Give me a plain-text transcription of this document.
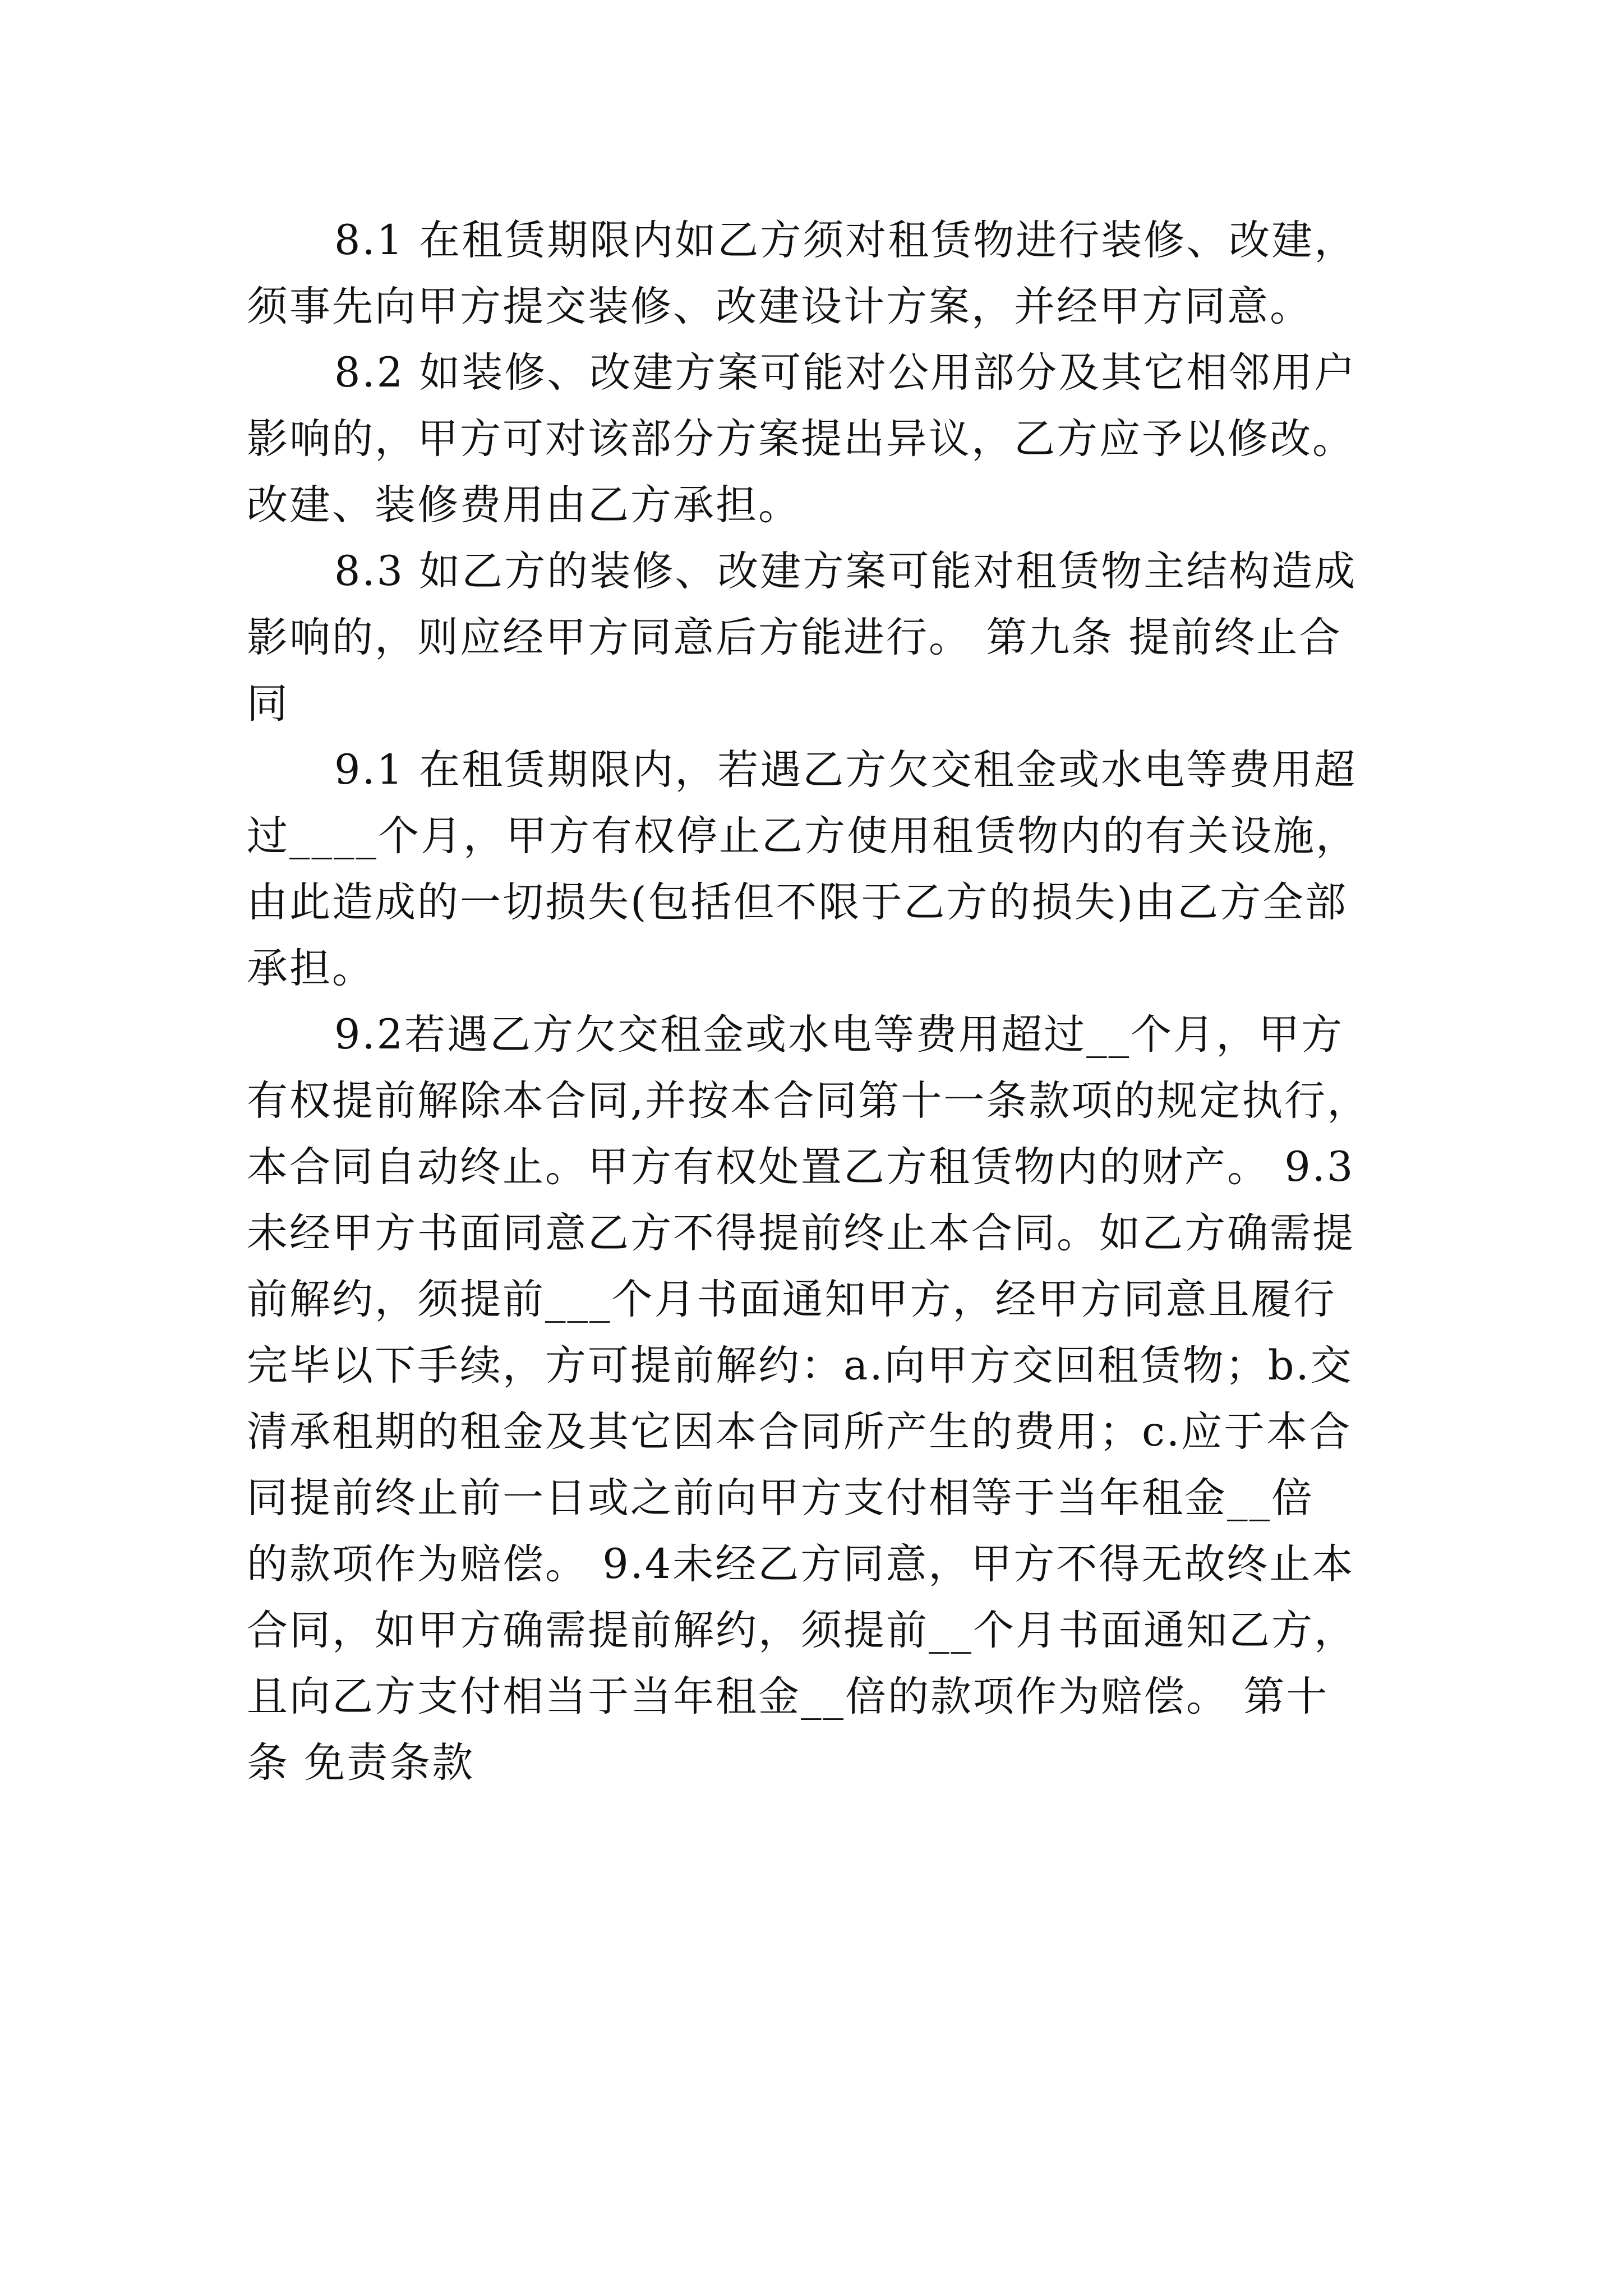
8.1 在租赁期限内如乙方须对租赁物进行装修、改建，
须事先向甲方提交装修、改建设计方案，并经甲方同意。
8.2 如装修、改建方案可能对公用部分及其它相邻用户
影响的，甲方可对该部分方案提出异议，乙方应予以修改。
改建、装修费用由乙方承担。
8.3 如乙方的装修、改建方案可能对租赁物主结构造成
影响的，则应经甲方同意后方能进行。 第九条 提前终止合
同
9.1 在租赁期限内，若遇乙方欠交租金或水电等费用超
过____个月，甲方有权停止乙方使用租赁物内的有关设施，
由此造成的一切损失(包括但不限于乙方的损失)由乙方全部
承担。
9.2若遇乙方欠交租金或水电等费用超过__个月，甲方
有权提前解除本合同,并按本合同第十一条款项的规定执行，
本合同自动终止。甲方有权处置乙方租赁物内的财产。 9.3
未经甲方书面同意乙方不得提前终止本合同。如乙方确需提
前解约，须提前___个月书面通知甲方，经甲方同意且履行
完毕以下手续，方可提前解约：a.向甲方交回租赁物；b.交
清承租期的租金及其它因本合同所产生的费用；c.应于本合
同提前终止前一日或之前向甲方支付相等于当年租金__倍
的款项作为赔偿。 9.4未经乙方同意，甲方不得无故终止本
合同，如甲方确需提前解约，须提前__个月书面通知乙方，
且向乙方支付相当于当年租金__倍的款项作为赔偿。 第十
条 免责条款
